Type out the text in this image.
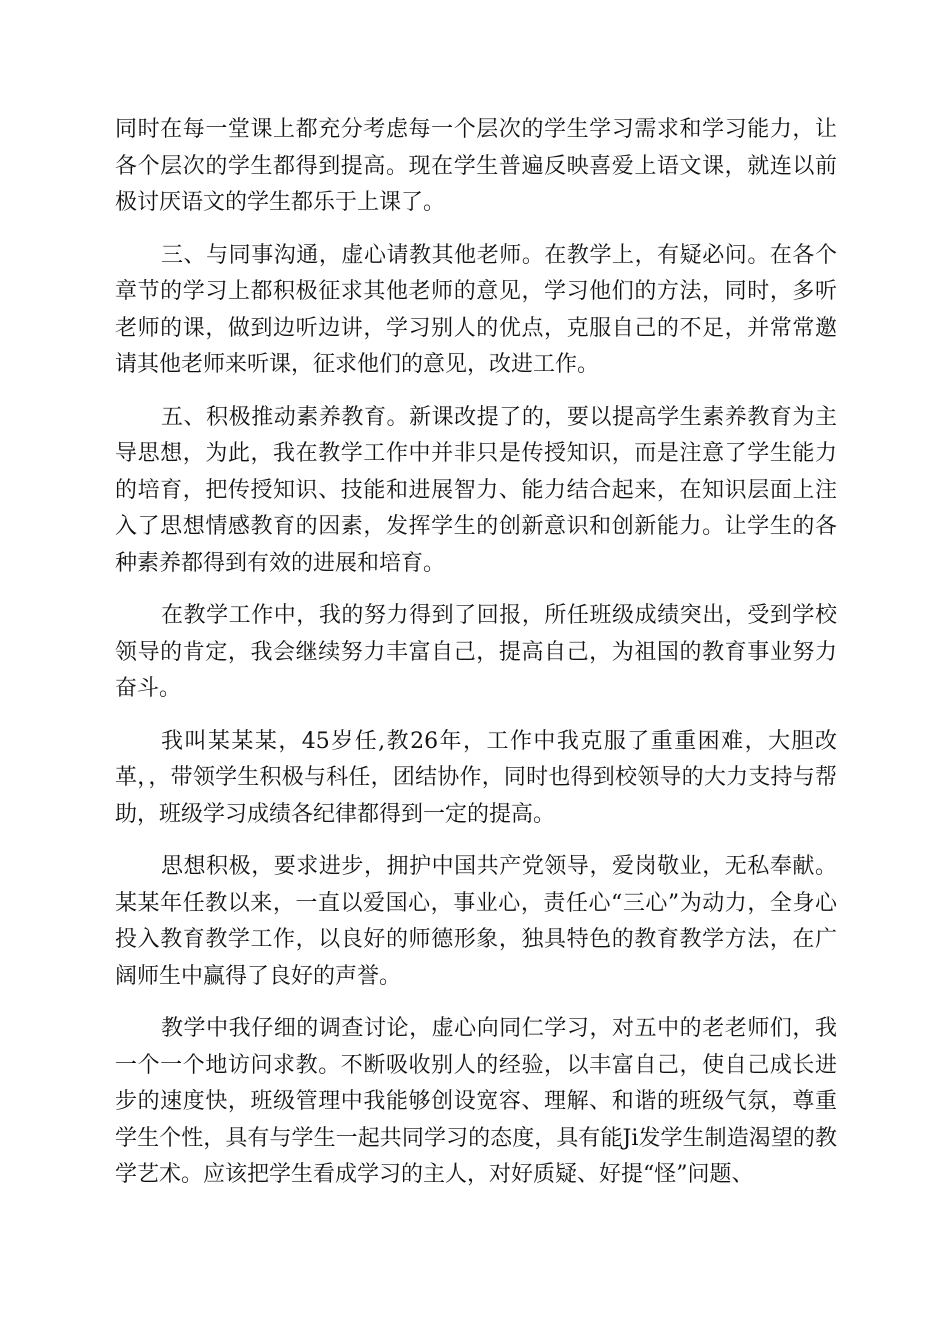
同时在每一堂课上都充分考虑每一个层次的学生学习需求和学习能力，让各个层次的学生都得到提高。现在学生普遍反映喜爱上语文课，就连以前极讨厌语文的学生都乐于上课了。

三、与同事沟通，虚心请教其他老师。在教学上，有疑必问。在各个章节的学习上都积极征求其他老师的意见，学习他们的方法，同时，多听老师的课，做到边听边讲，学习别人的优点，克服自己的不足，并常常邀请其他老师来听课，征求他们的意见，改进工作。

五、积极推动素养教育。新课改提了的，要以提高学生素养教育为主导思想，为此，我在教学工作中并非只是传授知识，而是注意了学生能力的培育，把传授知识、技能和进展智力、能力结合起来，在知识层面上注入了思想情感教育的因素，发挥学生的创新意识和创新能力。让学生的各种素养都得到有效的进展和培育。

在教学工作中，我的努力得到了回报，所任班级成绩突出，受到学校领导的肯定，我会继续努力丰富自己，提高自己，为祖国的教育事业努力奋斗。

我叫某某某，45岁任,教26年，工作中我克服了重重困难，大胆改革，，带领学生积极与科任，团结协作，同时也得到校领导的大力支持与帮助，班级学习成绩各纪律都得到一定的提高。

思想积极，要求进步，拥护中国共产党领导，爱岗敬业，无私奉献。某某年任教以来，一直以爱国心，事业心，责任心“三心”为动力，全身心投入教育教学工作，以良好的师德形象，独具特色的教育教学方法，在广阔师生中赢得了良好的声誉。

教学中我仔细的调查讨论，虚心向同仁学习，对五中的老老师们，我一个一个地访问求教。不断吸收别人的经验，以丰富自己，使自己成长进步的速度快，班级管理中我能够创设宽容、理解、和谐的班级气氛，尊重学生个性，具有与学生一起共同学习的态度，具有能Ji发学生制造渴望的教学艺术。应该把学生看成学习的主人，对好质疑、好提“怪”问题、
